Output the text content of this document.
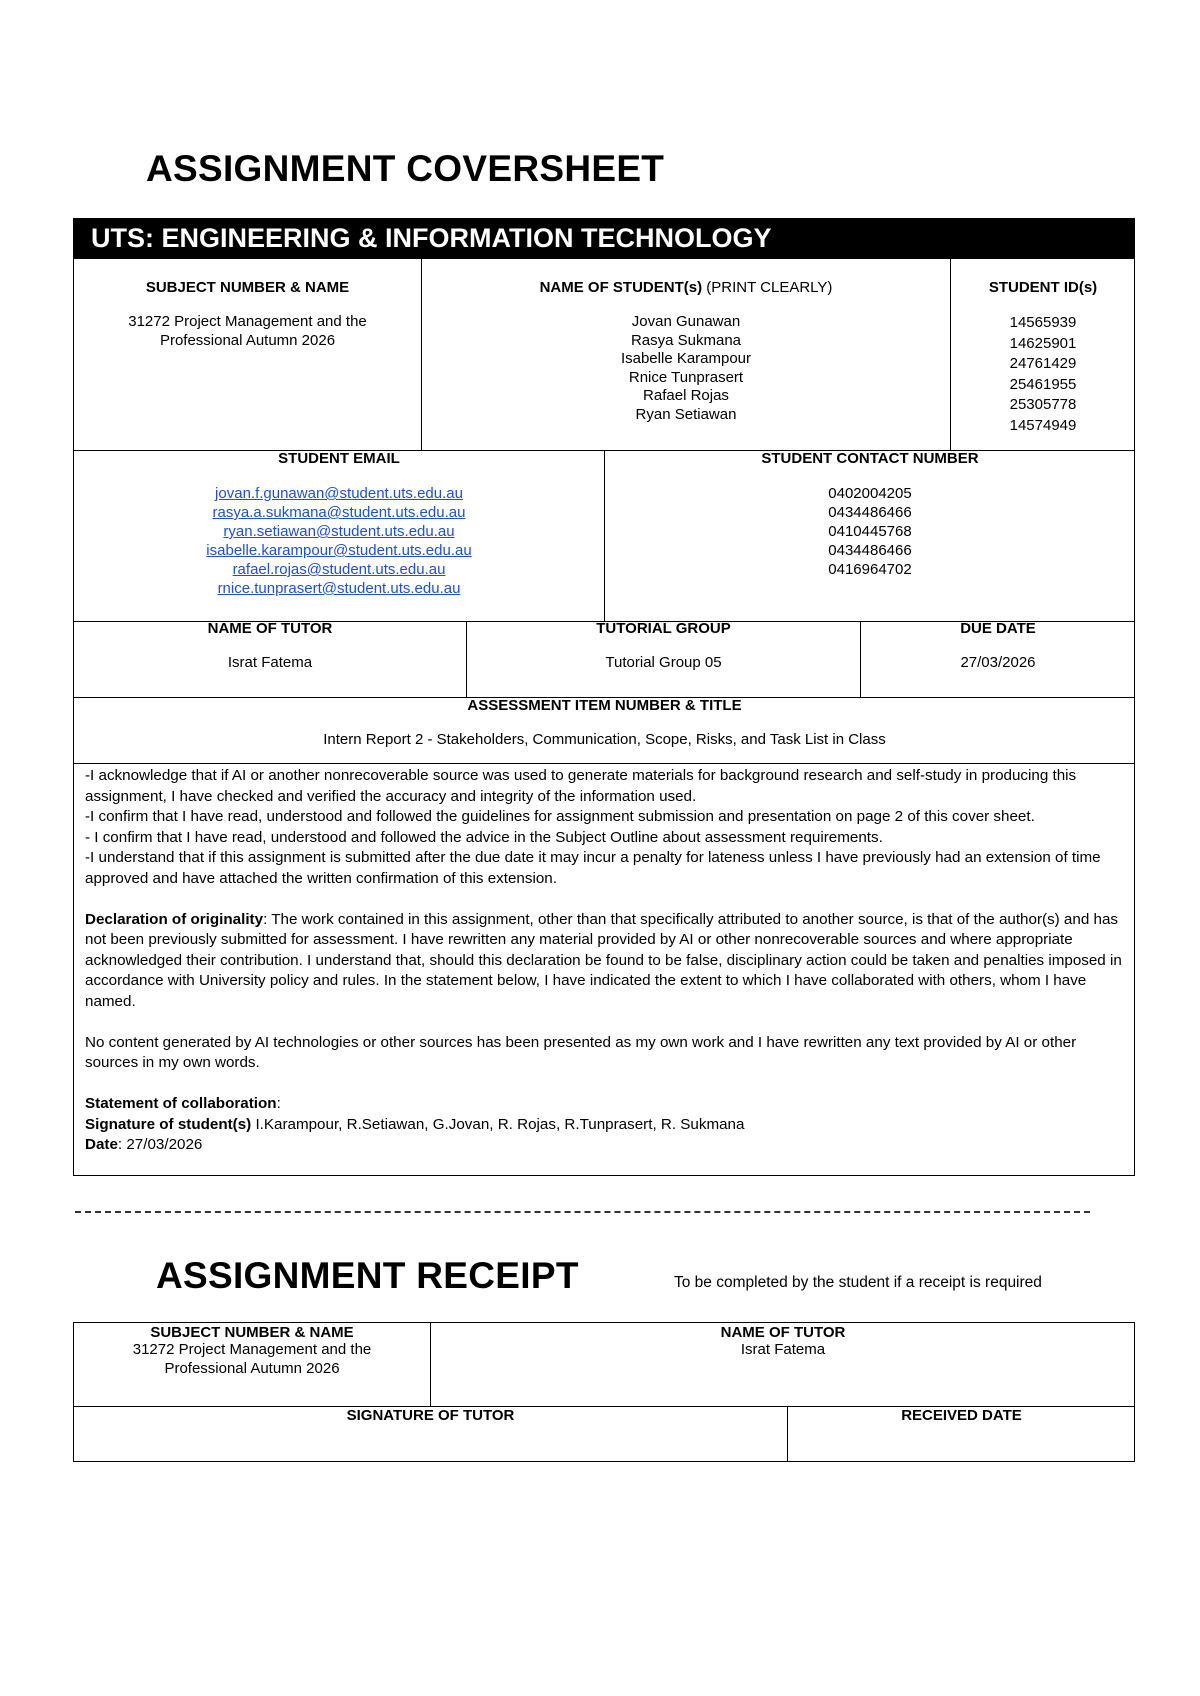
ASSIGNMENT COVERSHEET
UTS: ENGINEERING & INFORMATION TECHNOLOGY
SUBJECT NUMBER & NAME
31272 Project Management and the
Professional Autumn 2026
NAME OF STUDENT(s) (PRINT CLEARLY)
Jovan Gunawan
Rasya Sukmana
Isabelle Karampour
Rnice Tunprasert
Rafael Rojas
Ryan Setiawan
STUDENT ID(s)
14565939
14625901
24761429
25461955
25305778
14574949
STUDENT EMAIL
jovan.f.gunawan@student.uts.edu.au
rasya.a.sukmana@student.uts.edu.au
ryan.setiawan@student.uts.edu.au
isabelle.karampour@student.uts.edu.au
rafael.rojas@student.uts.edu.au
rnice.tunprasert@student.uts.edu.au
STUDENT CONTACT NUMBER
0402004205
0434486466
0410445768
0434486466
0416964702
NAME OF TUTOR
Israt Fatema
TUTORIAL GROUP
Tutorial Group 05
DUE DATE
27/03/2026
ASSESSMENT ITEM NUMBER & TITLE
Intern Report 2 - Stakeholders, Communication, Scope, Risks, and Task List in Class

-I acknowledge that if AI or another nonrecoverable source was used to generate materials for background research and self-study in producing this assignment, I have checked and verified the accuracy and integrity of the information used.

-I confirm that I have read, understood and followed the guidelines for assignment submission and presentation on page 2 of this cover sheet.

- I confirm that I have read, understood and followed the advice in the Subject Outline about assessment requirements.

-I understand that if this assignment is submitted after the due date it may incur a penalty for lateness unless I have previously had an extension of time approved and have attached the written confirmation of this extension.

Declaration of originality: The work contained in this assignment, other than that specifically attributed to another source, is that of the author(s) and has not been previously submitted for assessment. I have rewritten any material provided by AI or other nonrecoverable sources and where appropriate acknowledged their contribution. I understand that, should this declaration be found to be false, disciplinary action could be taken and penalties imposed in accordance with University policy and rules. In the statement below, I have indicated the extent to which I have collaborated with others, whom I have named.

No content generated by AI technologies or other sources has been presented as my own work and I have rewritten any text provided by AI or other sources in my own words.

Statement of collaboration:

Signature of student(s) I.Karampour, R.Setiawan, G.Jovan, R. Rojas, R.Tunprasert, R. Sukmana

Date: 27/03/2026

ASSIGNMENT RECEIPT	To be completed by the student if a receipt is required
SUBJECT NUMBER & NAME
31272 Project Management and the
Professional Autumn 2026
NAME OF TUTOR
Israt Fatema
SIGNATURE OF TUTOR	RECEIVED DATE
